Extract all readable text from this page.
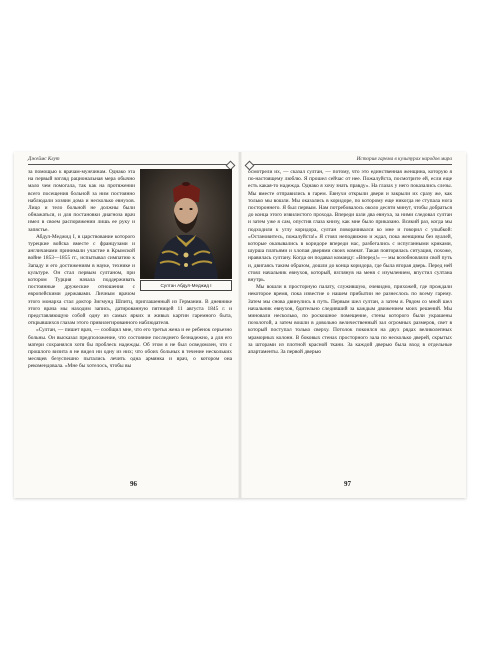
Джеймс Клут
Султан Абдул-Меджид I

за помощью к врачам-мужчинам. Однако эта на первый взгляд рациональная мера обычно мало чем помогала, так как на протяжении всего посещения больной за ним постоянно наблюдали хозяин дома и несколько евнухов. Лицо и тело больной не должны были обнажаться, и для постановки диагноза врач имел в своем распоряжении лишь ее руку и запястье.

Абдул-Меджид I, в царствование которого турецкие войска вместе с французами и англичанами принимали участие в Крымской войне 1853—1855 гг., испытывал симпатию к Западу и его достижениям в науке, технике и культуре. Он стал первым султаном, при котором Турция начала поддерживать постоянные дружеские отношения с европейскими державами. Личным врачом этого монарха стал доктор Зигмунд Шпитц, приглашенный из Германии. В дневнике этого врача мы находим запись, датированную пятницей 11 августа 1845 г. и представляющую собой одну из самых ярких и живых картин гаремного быта, открывшихся глазам этого привилегированного наблюдателя.

«Султан, — пишет врач, — сообщил мне, что его третья жена и ее ребенок серьезно больны. Он высказал предположение, что состояние последнего безнадежно, а для его матери сохранялся хотя бы проблеск надежды. Об этом я не был осведомлен, что с прошлого визита я не видел ни одну из них; что обоих больных в течение нескольких месяцев безуспешно пытались лечить одна армянка и врач, о котором она рекомендовала. «Мне бы хотелось, чтобы вы

96
История гарема в культурах народов мира

осмотрели их, — сказал султан, — потому, что это единственная женщина, которую я по-настоящему люблю. Я прошел сейчас от нее. Пожалуйста, посмотрите ей, если еще есть какая-то надежда. Однако я хочу знать правду». На глазах у него показались слезы. Мы вместе отправились в гарем. Евнухи открыли двери и закрыли их сразу же, как только мы вошли. Мы оказались в коридоре, по которому еще никогда не ступала нога постороннего. Я был первым. Нам потребовалось около десяти минут, чтобы добраться до конца этого извилистого прохода. Впереди шли два евнуха, за ними следовал султан и затем уже я сам, опустив глаза книзу, как мне было приказано. Всякий раз, когда мы подходили к углу коридора, султан поворачивался ко мне и говорил с улыбкой: «Остановитесь, пожалуйста!» Я стоял неподвижно и ждал, пока женщины без вуалей, которые оказывались в коридоре впереди нас, разбегались с испуганными криками, шурша платьями и хлопая дверями своих комнат. Такая повторялась ситуация, похоже, нравилась султану. Когда он подавал команду: «Вперед!» — мы возобновляли свой путь и, двигаясь таким образом, дошли до конца коридора, где была вторая дверь. Перед ней стоял начальник евнухов, который, взглянув на меня с изумлением, впустил султана внутрь.

Мы вошли в просторную палату, служившую, очевидно, прихожей, где прождали некоторое время, пока известие о нашем прибытии не разнеслось по всему гарему. Затем мы снова двинулись в путь. Первым шел султан, а затем я. Рядом со мной шел начальник евнухов, бдительно следивший за каждым движением моих решений. Мы миновали несколько, по роскошное помещение, стены которого были украшены позолотой, а затем вошли в довольно величественный зал огромных размеров, свет в который поступал только сверху. Потолок покоился на двух рядах великолепных мраморных колонн. В боковых стенах просторного зала по несколько дверей, скрытых за шторами из плотной красной ткани. За каждой дверью была вход в отдельные апартаменты. За первой дверью

97
